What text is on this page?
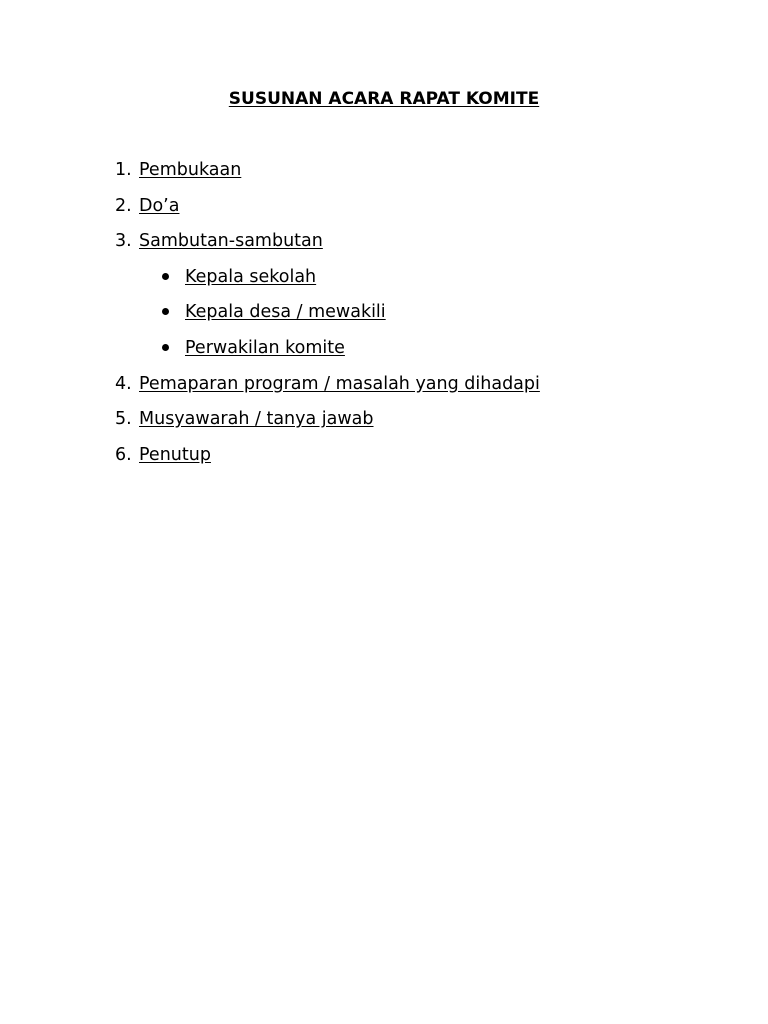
SUSUNAN ACARA RAPAT KOMITE
1. Pembukaan
2. Do’a
3. Sambutan-sambutan
Kepala sekolah
Kepala desa / mewakili
Perwakilan komite
4. Pemaparan program / masalah yang dihadapi
5. Musyawarah / tanya jawab
6. Penutup
